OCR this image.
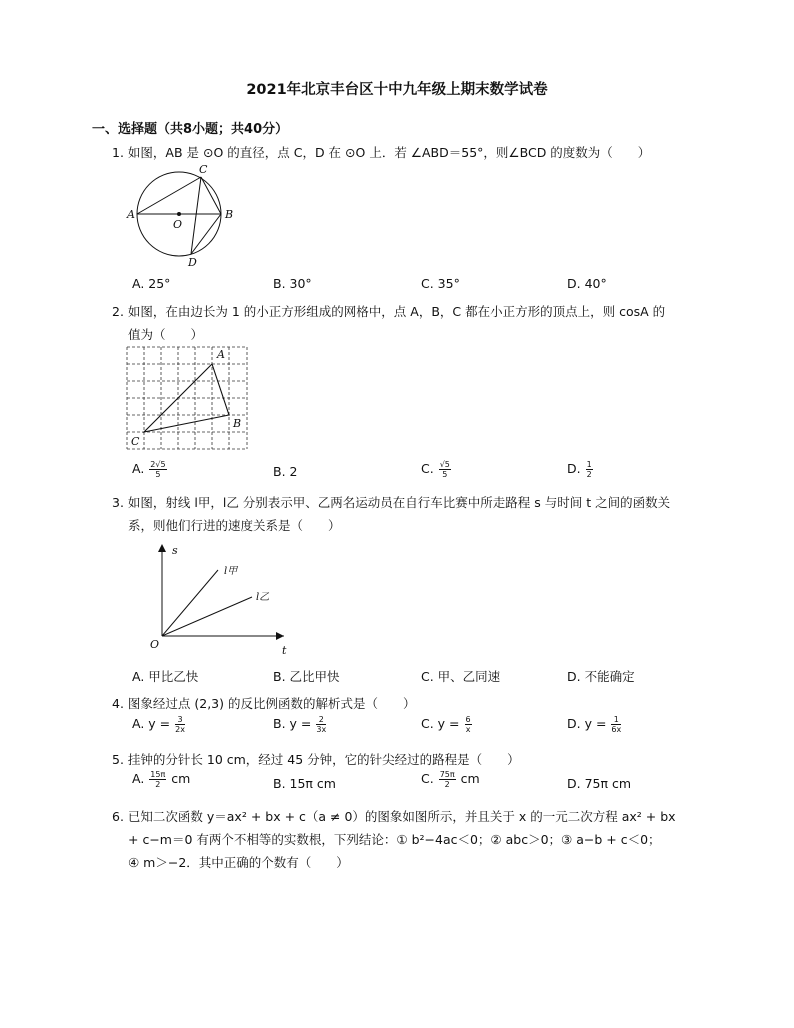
2021年北京丰台区十中九年级上期末数学试卷
一、选择题（共8小题；共40分）
1. 如图，AB 是 ⊙O 的直径，点 C，D 在 ⊙O 上．若 ∠ABD＝55°，则∠BCD 的度数为（　　）
A	B
C
D
O
A. 25°	B. 30°	C. 35°	D. 40°
2. 如图，在由边长为 1 的小正方形组成的网格中，点 A，B，C 都在小正方形的顶点上，则 cosA 的
值为（　　）
A
B
C
A. $\frac{2√5}{5}$	B. 2	C. $\frac{√5}{5}$	D. $\frac{1}{2}$
3. 如图，射线 l甲，l乙 分别表示甲、乙两名运动员在自行车比赛中所走路程 s 与时间 t 之间的函数关
系，则他们行进的速度关系是（　　）
s
t
O
l甲
l乙
A. 甲比乙快	B. 乙比甲快	C. 甲、乙同速	D. 不能确定
4. 图象经过点 (2,3) 的反比例函数的解析式是（　　）
A. $y = \frac{3}{2x}$	B. $y = \frac{2}{3x}$	C. $y = \frac{6}{x}$	D. $y = \frac{1}{6x}$
5. 挂钟的分针长 10 cm，经过 45 分钟，它的针尖经过的路程是（　　）
A. $\frac{15\pi}{2}$ cm	B. 15π cm	C. $\frac{75\pi}{2}$ cm	D. 75π cm
6. 已知二次函数 y＝ax² + bx + c（a ≠ 0）的图象如图所示，并且关于 x 的一元二次方程 ax² + bx
+ c−m＝0 有两个不相等的实数根，下列结论：① b²−4ac＜0；② abc＞0；③ a−b + c＜0；
④ m＞−2．其中正确的个数有（　　）
